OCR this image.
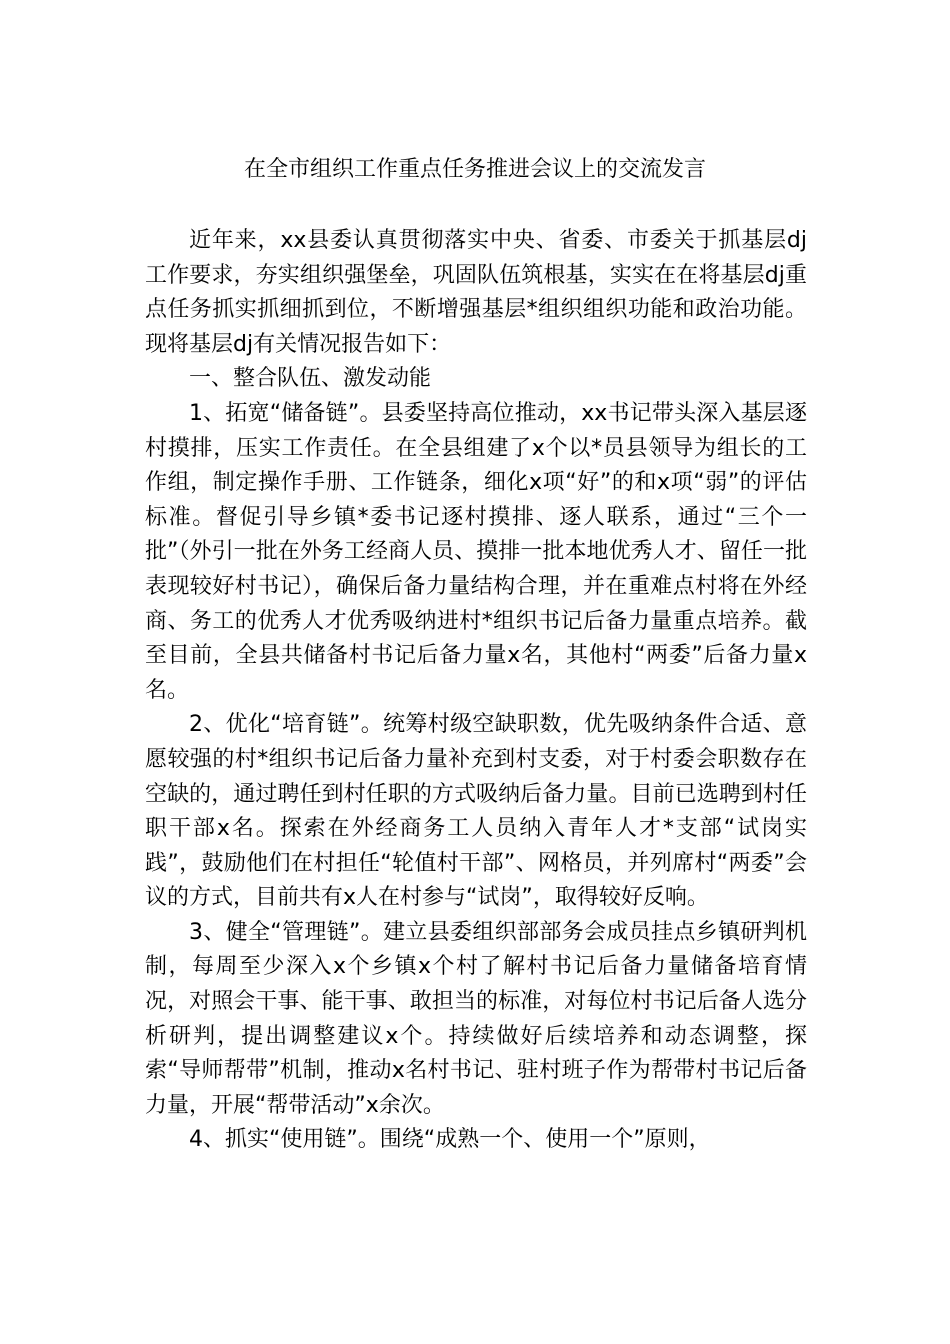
在全市组织工作重点任务推进会议上的交流发言

近年来，xx县委认真贯彻落实中央、省委、市委关于抓基层dj工作要求，夯实组织强堡垒，巩固队伍筑根基，实实在在将基层dj重点任务抓实抓细抓到位，不断增强基层*组织组织功能和政治功能。现将基层dj有关情况报告如下：

一、整合队伍、激发动能

1、拓宽“储备链”。县委坚持高位推动，xx书记带头深入基层逐村摸排，压实工作责任。在全县组建了x个以*员县领导为组长的工作组，制定操作手册、工作链条，细化x项“好”的和x项“弱”的评估标准。督促引导乡镇*委书记逐村摸排、逐人联系，通过“三个一批”（外引一批在外务工经商人员、摸排一批本地优秀人才、留任一批表现较好村书记），确保后备力量结构合理，并在重难点村将在外经商、务工的优秀人才优秀吸纳进村*组织书记后备力量重点培养。截至目前，全县共储备村书记后备力量x名，其他村“两委”后备力量x名。

2、优化“培育链”。统筹村级空缺职数，优先吸纳条件合适、意愿较强的村*组织书记后备力量补充到村支委，对于村委会职数存在空缺的，通过聘任到村任职的方式吸纳后备力量。目前已选聘到村任职干部x名。探索在外经商务工人员纳入青年人才*支部“试岗实践”，鼓励他们在村担任“轮值村干部”、网格员，并列席村“两委”会议的方式，目前共有x人在村参与“试岗”，取得较好反响。

3、健全“管理链”。建立县委组织部部务会成员挂点乡镇研判机制，每周至少深入x个乡镇x个村了解村书记后备力量储备培育情况，对照会干事、能干事、敢担当的标准，对每位村书记后备人选分析研判，提出调整建议x个。持续做好后续培养和动态调整，探索“导师帮带”机制，推动x名村书记、驻村班子作为帮带村书记后备力量，开展“帮带活动”x余次。

4、抓实“使用链”。围绕“成熟一个、使用一个”原则，
